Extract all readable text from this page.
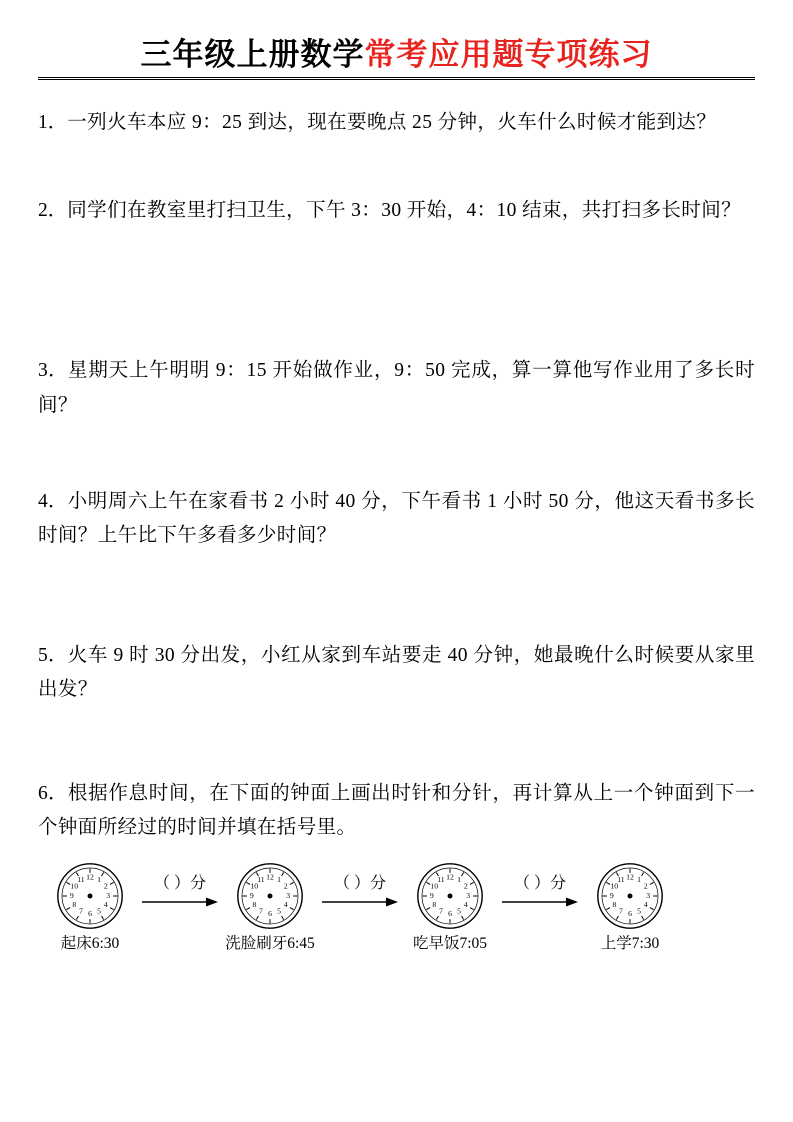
三年级上册数学常考应用题专项练习
1．一列火车本应 9：25 到达，现在要晚点 25 分钟，火车什么时候才能到达？
2．同学们在教室里打扫卫生，下午 3：30 开始，4：10 结束，共打扫多长时间？
3．星期天上午明明 9：15 开始做作业，9：50 完成，算一算他写作业用了多长时间？
4．小明周六上午在家看书 2 小时 40 分，下午看书 1 小时 50 分，他这天看书多长时间？上午比下午多看多少时间？
5．火车 9 时 30 分出发，小红从家到车站要走 40 分钟，她最晚什么时候要从家里出发？
6．根据作息时间，在下面的钟面上画出时针和分针，再计算从上一个钟面到下一个钟面所经过的时间并填在括号里。
12 1
2
3
4
5
6
7
8
9
10
11
起床6:30
（ ）分	12 1
2
3
4
5
6
7
8
9
10
11
洗脸刷牙6:45
（ ）分	12 1
2
3
4
5
6
7
8
9
10
11
吃早饭7:05
（ ）分	12 1
2
3
4
5
6
7
8
9
10
11
上学7:30
